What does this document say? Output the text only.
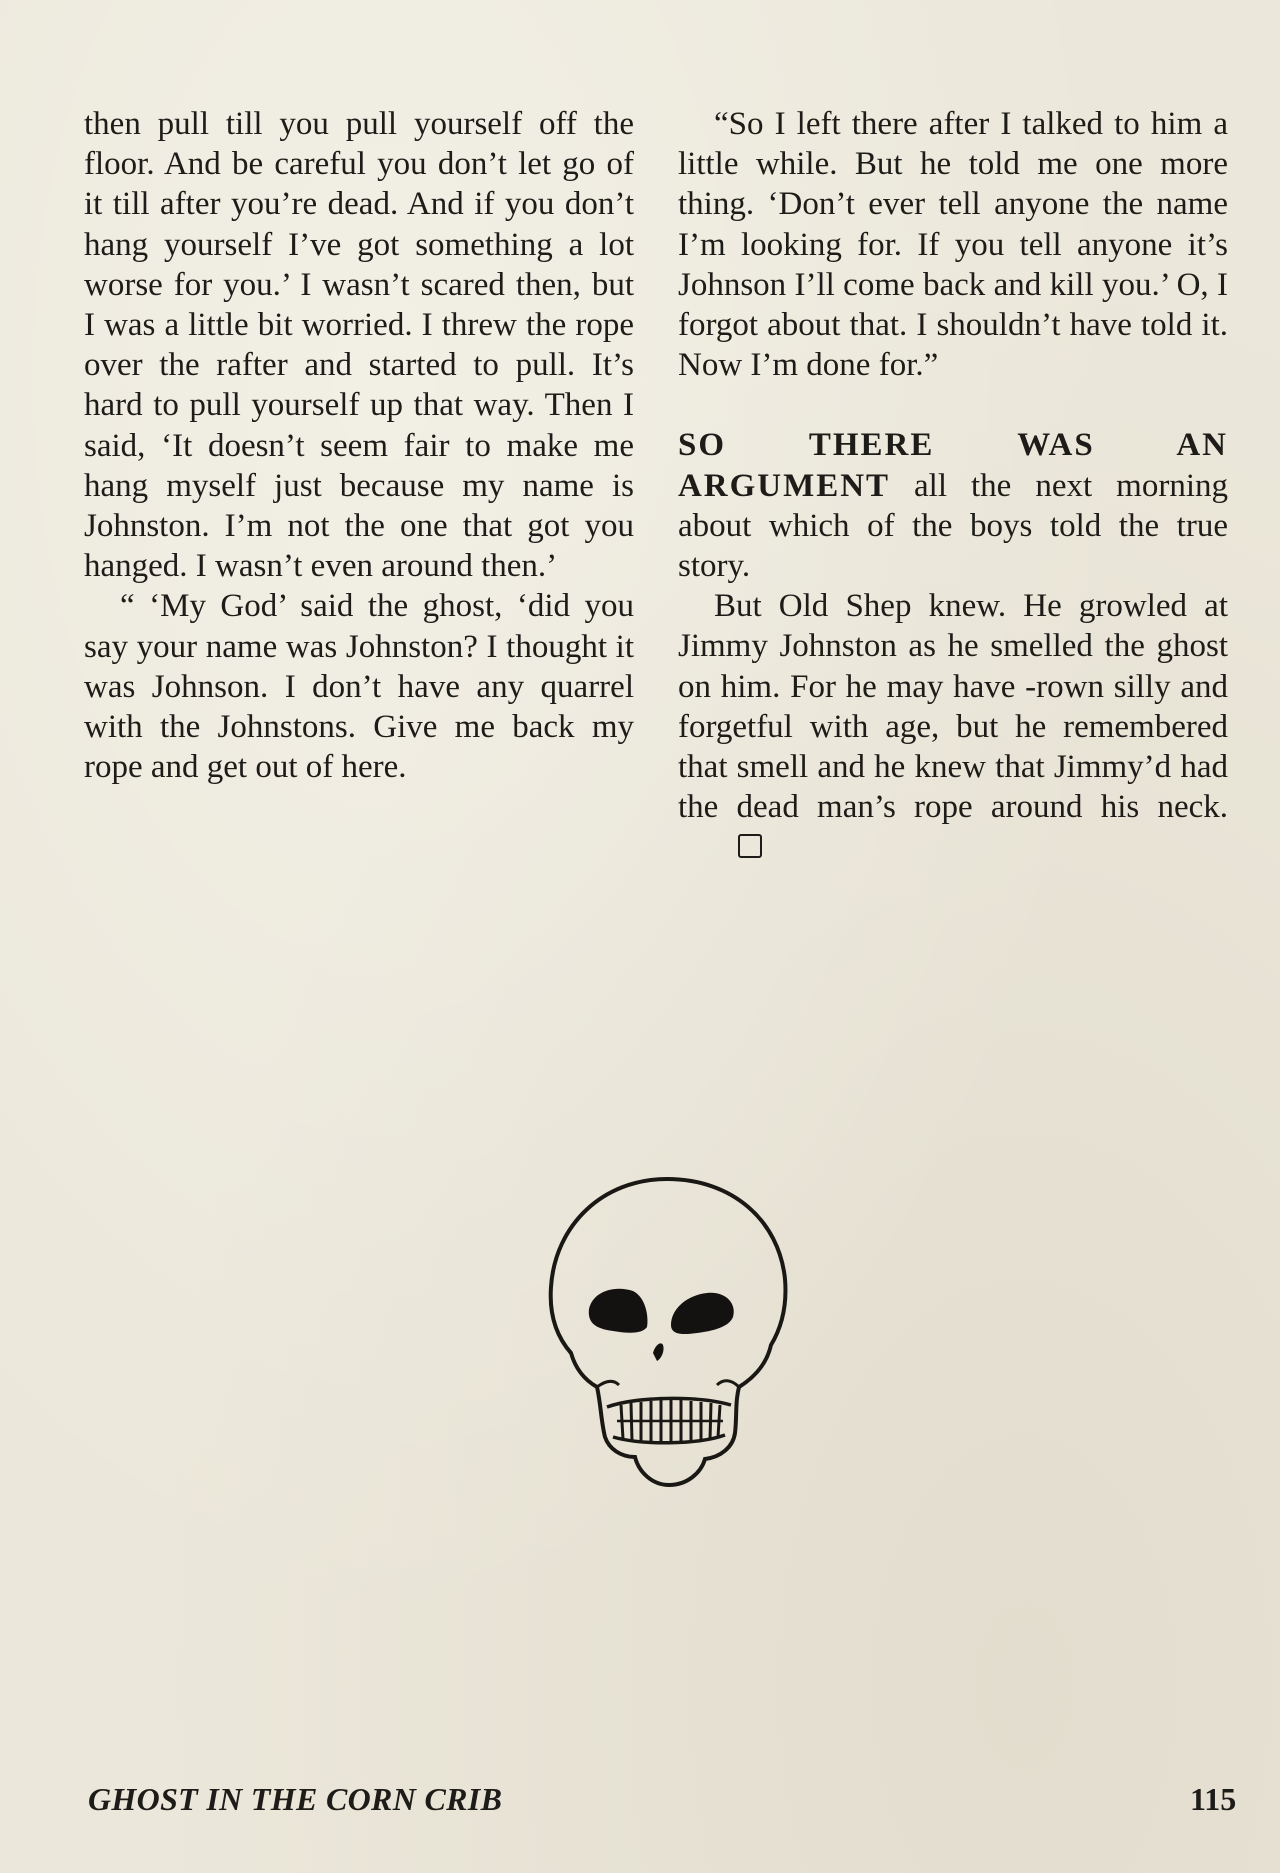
then pull till you pull yourself off the floor. And be careful you don’t let go of it till after you’re dead. And if you don’t hang yourself I’ve got something a lot worse for you.’ I wasn’t scared then, but I was a little bit worried. I threw the rope over the rafter and started to pull. It’s hard to pull yourself up that way. Then I said, ‘It doesn’t seem fair to make me hang myself just because my name is Johnston. I’m not the one that got you hanged. I wasn’t even around then.’

“ ‘My God’ said the ghost, ‘did you say your name was Johnston? I thought it was Johnson. I don’t have any quarrel with the Johnstons. Give me back my rope and get out of here.

“So I left there after I talked to him a little while. But he told me one more thing. ‘Don’t ever tell anyone the name I’m looking for. If you tell anyone it’s Johnson I’ll come back and kill you.’ O, I forgot about that. I shouldn’t have told it. Now I’m done for.”

SO THERE WAS AN ARGUMENT all the next morning about which of the boys told the true story.

But Old Shep knew. He growled at Jimmy Johnston as he smelled the ghost on him. For he may have -rown silly and forgetful with age, but he remembered that smell and he knew that Jimmy’d had the dead man’s rope around his neck.

GHOST IN THE CORN CRIB	115
